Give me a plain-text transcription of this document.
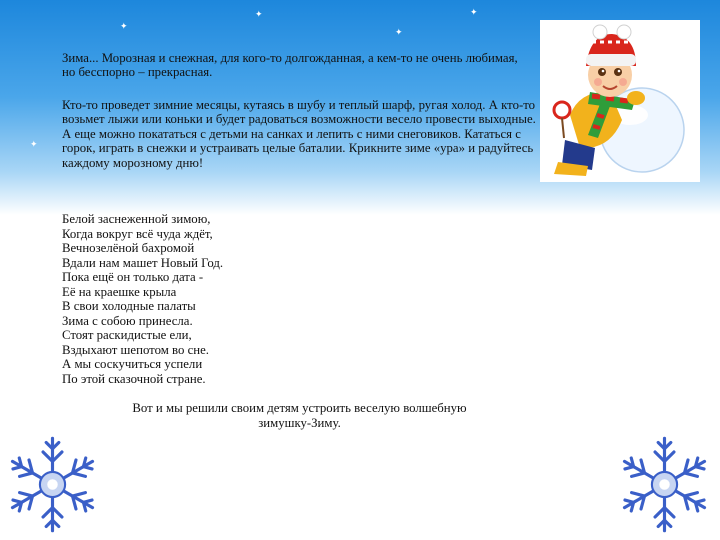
✦
✦
✦
✦
✦
Зима... Морозная и снежная, для кого-то долгожданная, а кем-то не очень любимая, но бесспорно – прекрасная.
Кто-то проведет зимние месяцы, кутаясь в шубу и теплый шарф, ругая холод. А кто-то возьмет лыжи или коньки и будет радоваться возможности весело провести выходные. А еще можно покататься с детьми на санках и лепить с ними снеговиков. Кататься с горок, играть в снежки и устраивать целые баталии. Крикните зиме «ура» и радуйтесь каждому морозному дню!
Белой заснеженной зимою,
Когда вокруг всё чуда ждёт,
Вечнозелёной бахромой
Вдали нам машет Новый Год.
Пока ещё он только дата -
Её на краешке крыла
В свои холодные палаты
Зима с собою принесла.
Стоят раскидистые ели,
Вздыхают шепотом во сне.
А мы соскучиться успели
По этой сказочной стране.
Вот и мы решили своим детям устроить веселую волшебную
зимушку-Зиму.
